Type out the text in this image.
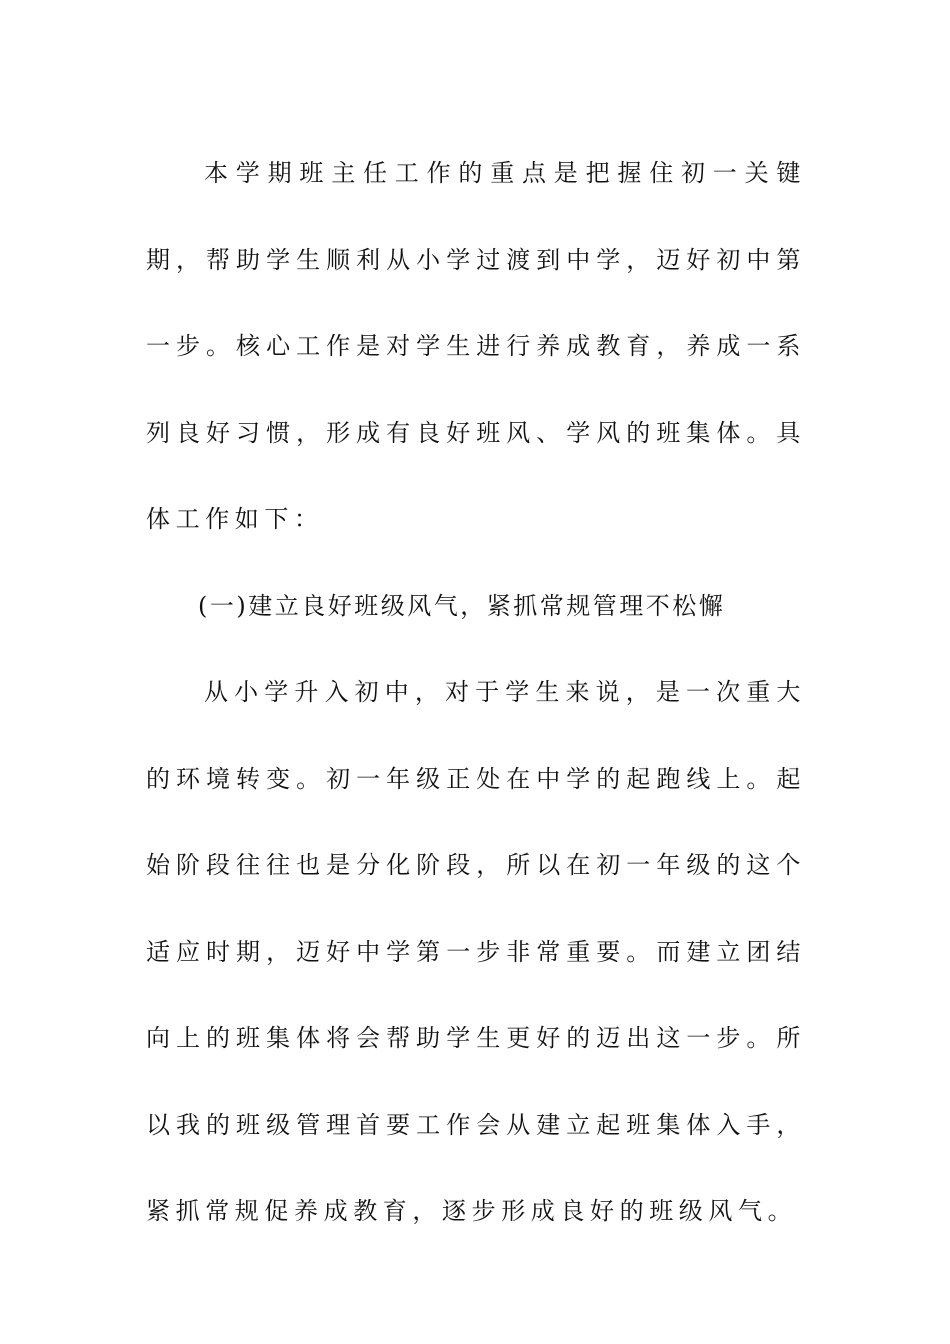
本学期班主任工作的重点是把握住初一关键期，帮助学生顺利从小学过渡到中学，迈好初中第一步。核心工作是对学生进行养成教育，养成一系列良好习惯，形成有良好班风、学风的班集体。具体工作如下：

(一)建立良好班级风气，紧抓常规管理不松懈

从小学升入初中，对于学生来说，是一次重大的环境转变。初一年级正处在中学的起跑线上。起始阶段往往也是分化阶段，所以在初一年级的这个适应时期，迈好中学第一步非常重要。而建立团结向上的班集体将会帮助学生更好的迈出这一步。所以我的班级管理首要工作会从建立起班集体入手，紧抓常规促养成教育，逐步形成良好的班级风气。
